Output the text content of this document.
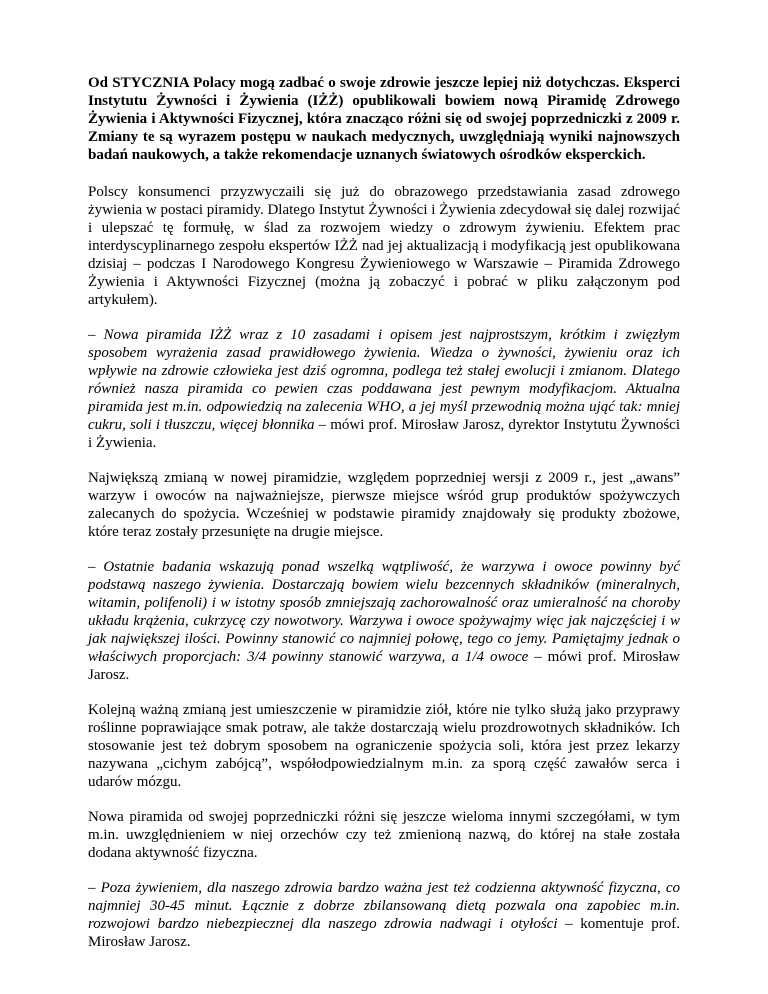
Od STYCZNIA Polacy mogą zadbać o swoje zdrowie jeszcze lepiej niż dotychczas. Eksperci Instytutu Żywności i Żywienia (IŻŻ) opublikowali bowiem nową Piramidę Zdrowego Żywienia i Aktywności Fizycznej, która znacząco różni się od swojej poprzedniczki z 2009 r. Zmiany te są wyrazem postępu w naukach medycznych, uwzględniają wyniki najnowszych badań naukowych, a także rekomendacje uznanych światowych ośrodków eksperckich.

Polscy konsumenci przyzwyczaili się już do obrazowego przedstawiania zasad zdrowego żywienia w postaci piramidy. Dlatego Instytut Żywności i Żywienia zdecydował się dalej rozwijać i ulepszać tę formułę, w ślad za rozwojem wiedzy o zdrowym żywieniu. Efektem prac interdyscyplinarnego zespołu ekspertów IŻŻ nad jej aktualizacją i modyfikacją jest opublikowana dzisiaj – podczas I Narodowego Kongresu Żywieniowego w Warszawie – Piramida Zdrowego Żywienia i Aktywności Fizycznej (można ją zobaczyć i pobrać w pliku załączonym pod artykułem).

– Nowa piramida IŻŻ wraz z 10 zasadami i opisem jest najprostszym, krótkim i zwięzłym sposobem wyrażenia zasad prawidłowego żywienia. Wiedza o żywności, żywieniu oraz ich wpływie na zdrowie człowieka jest dziś ogromna, podlega też stałej ewolucji i zmianom. Dlatego również nasza piramida co pewien czas poddawana jest pewnym modyfikacjom. Aktualna piramida jest m.in. odpowiedzią na zalecenia WHO, a jej myśl przewodnią można ująć tak: mniej cukru, soli i tłuszczu, więcej błonnika – mówi prof. Mirosław Jarosz, dyrektor Instytutu Żywności i Żywienia.

Największą zmianą w nowej piramidzie, względem poprzedniej wersji z 2009 r., jest „awans” warzyw i owoców na najważniejsze, pierwsze miejsce wśród grup produktów spożywczych zalecanych do spożycia. Wcześniej w podstawie piramidy znajdowały się produkty zbożowe, które teraz zostały przesunięte na drugie miejsce.

– Ostatnie badania wskazują ponad wszelką wątpliwość, że warzywa i owoce powinny być podstawą naszego żywienia. Dostarczają bowiem wielu bezcennych składników (mineralnych, witamin, polifenoli) i w istotny sposób zmniejszają zachorowalność oraz umieralność na choroby układu krążenia, cukrzycę czy nowotwory. Warzywa i owoce spożywajmy więc jak najczęściej i w jak największej ilości. Powinny stanowić co najmniej połowę, tego co jemy. Pamiętajmy jednak o właściwych proporcjach: 3/4 powinny stanowić warzywa, a 1/4 owoce – mówi prof. Mirosław Jarosz.

Kolejną ważną zmianą jest umieszczenie w piramidzie ziół, które nie tylko służą jako przyprawy roślinne poprawiające smak potraw, ale także dostarczają wielu prozdrowotnych składników. Ich stosowanie jest też dobrym sposobem na ograniczenie spożycia soli, która jest przez lekarzy nazywana „cichym zabójcą”, współodpowiedzialnym m.in. za sporą część zawałów serca i udarów mózgu.

Nowa piramida od swojej poprzedniczki różni się jeszcze wieloma innymi szczegółami, w tym m.in. uwzględnieniem w niej orzechów czy też zmienioną nazwą, do której na stałe została dodana aktywność fizyczna.

– Poza żywieniem, dla naszego zdrowia bardzo ważna jest też codzienna aktywność fizyczna, co najmniej 30-45 minut. Łącznie z dobrze zbilansowaną dietą pozwala ona zapobiec m.in. rozwojowi bardzo niebezpiecznej dla naszego zdrowia nadwagi i otyłości – komentuje prof. Mirosław Jarosz.
